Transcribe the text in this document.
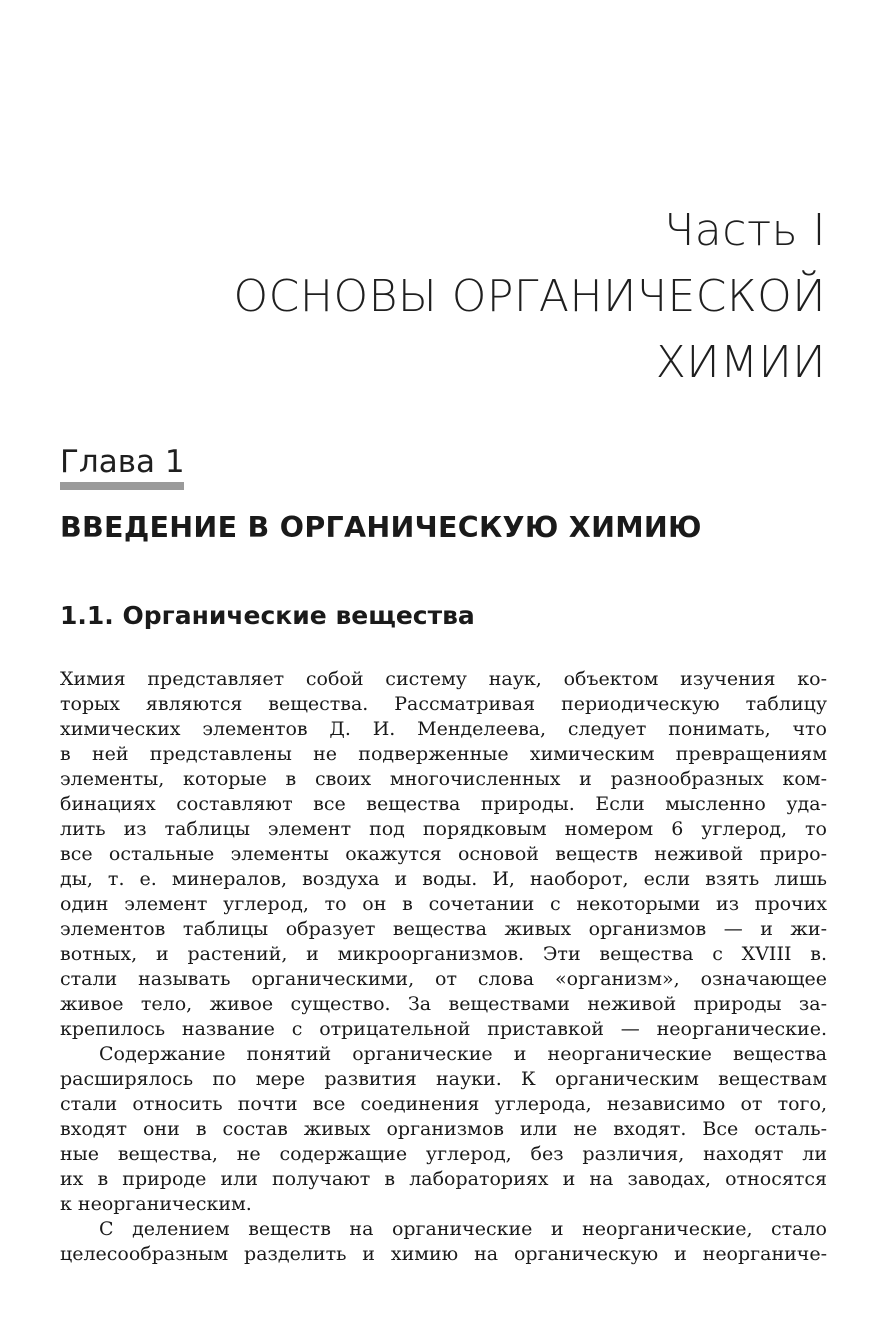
Часть I
ОСНОВЫ ОРГАНИЧЕСКОЙ
ХИМИИ
Глава 1
ВВЕДЕНИЕ В ОРГАНИЧЕСКУЮ ХИМИЮ
1.1. Органические вещества
Химия представляет собой систему наук, объектом изучения ко-
торых являются вещества. Рассматривая периодическую таблицу
химических элементов Д. И. Менделеева, следует понимать, что
в ней представлены не подверженные химическим превращениям
элементы, которые в своих многочисленных и разнообразных ком-
бинациях составляют все вещества природы. Если мысленно уда-
лить из таблицы элемент под порядковым номером 6 углерод, то
все остальные элементы окажутся основой веществ неживой приро-
ды, т. е. минералов, воздуха и воды. И, наоборот, если взять лишь
один элемент углерод, то он в сочетании с некоторыми из прочих
элементов таблицы образует вещества живых организмов — и жи-
вотных, и растений, и микроорганизмов. Эти вещества с XVIII в.
стали называть органическими, от слова «организм», означающее
живое тело, живое существо. За веществами неживой природы за-
крепилось название с отрицательной приставкой — неорганические.
Содержание понятий органические и неорганические вещества
расширялось по мере развития науки. К органическим веществам
стали относить почти все соединения углерода, независимо от того,
входят они в состав живых организмов или не входят. Все осталь-
ные вещества, не содержащие углерод, без различия, находят ли
их в природе или получают в лабораториях и на заводах, относятся
к неорганическим.
С делением веществ на органические и неорганические, стало
целесообразным разделить и химию на органическую и неорганиче-
